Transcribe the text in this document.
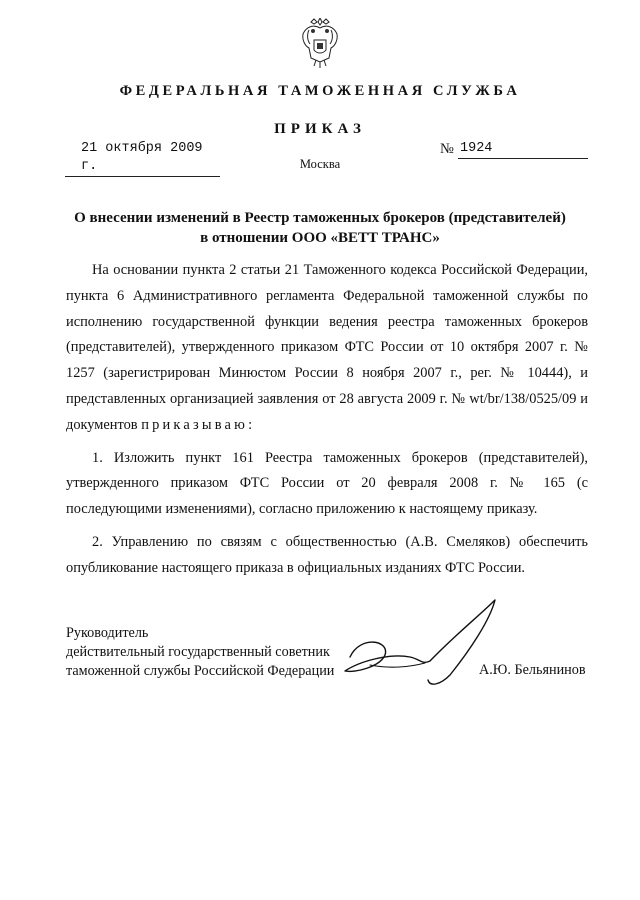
ФЕДЕРАЛЬНАЯ ТАМОЖЕННАЯ СЛУЖБА
ПРИКАЗ
21 октября 2009 г.
№ 1924
Москва
О внесении изменений в Реестр таможенных брокеров (представителей)
в отношении ООО «ВЕТТ ТРАНС»

На основании пункта 2 статьи 21 Таможенного кодекса Российской Федерации, пункта 6 Административного регламента Федеральной таможенной службы по исполнению государственной функции ведения реестра таможенных брокеров (представителей), утвержденного приказом ФТС России от 10 октября 2007 г. № 1257 (зарегистрирован Минюстом России 8 ноября 2007 г., рег. № 10444), и представленных организацией заявления от 28 августа 2009 г. № wt/br/138/0525/09 и документов приказываю:

1. Изложить пункт 161 Реестра таможенных брокеров (представителей), утвержденного приказом ФТС России от 20 февраля 2008 г. № 165 (с последующими изменениями), согласно приложению к настоящему приказу.

2. Управлению по связям с общественностью (А.В. Смеляков) обеспечить опубликование настоящего приказа в официальных изданиях ФТС России.

Руководитель
действительный государственный советник
таможенной службы Российской Федерации	А.Ю. Бельянинов
